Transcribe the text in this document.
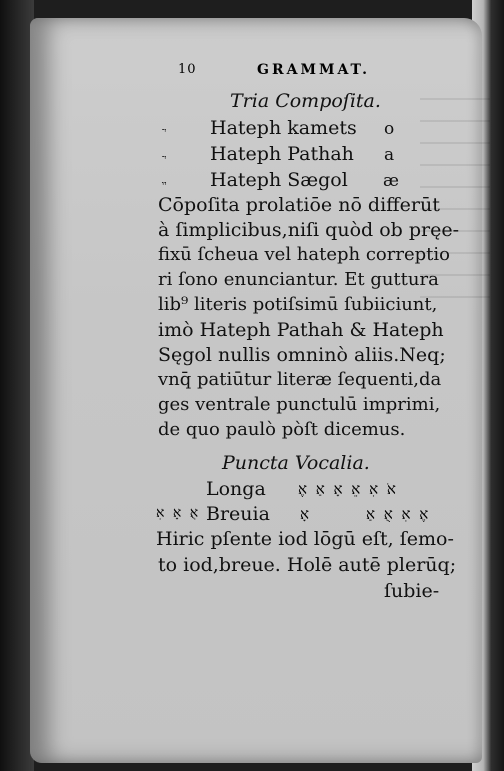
10	GRAMMAT.
Tria Compoſita.
Hateph kamets o
Hateph Pathah a
Hateph Sægol æ
Cōpoſita prolatiōe nō differūt
à ſimplicibus,niſi quòd ob pręe-
fixū ſcheua vel hateph correptio
ri ſono enunciantur. Et guttura
lib⁹ literis potiſsimū ſubiiciunt,
imò Hateph Pathah & Hateph
Sęgol nullis omninò aliis.Neq;
vnq̄ patiūtur literæ ſequenti,da
ges ventrale punctulū imprimi,
de quo paulò pòſt dicemus.
Puncta Vocalia.
Longa אֹ אִ אֵ אָ אַ אֶ
אֻ אָ אִ Breuia אָ	אֶ אִ אֻ אַ
Hiric pſente iod lōgū eſt, ſemo-
to iod,breue. Holē autē plerūq;
ſubie-
